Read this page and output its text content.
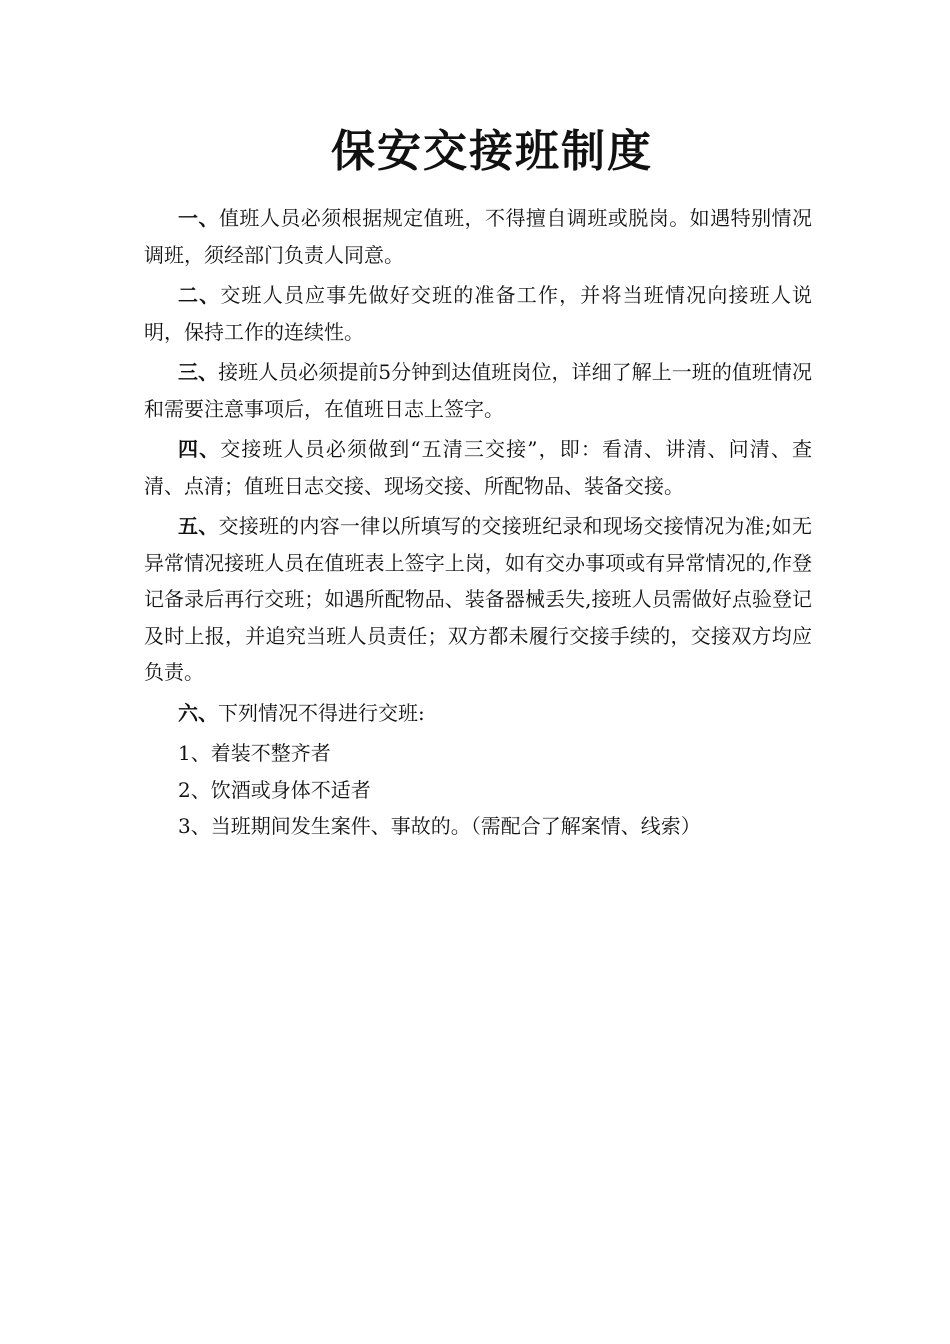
保安交接班制度

一、值班人员必须根据规定值班，不得擅自调班或脱岗。如遇特别情况调班，须经部门负责人同意。

二、交班人员应事先做好交班的准备工作，并将当班情况向接班人说明，保持工作的连续性。

三、接班人员必须提前5分钟到达值班岗位，详细了解上一班的值班情况和需要注意事项后，在值班日志上签字。

四、交接班人员必须做到“五清三交接”，即：看清、讲清、问清、查清、点清；值班日志交接、现场交接、所配物品、装备交接。

五、交接班的内容一律以所填写的交接班纪录和现场交接情况为准;如无异常情况接班人员在值班表上签字上岗，如有交办事项或有异常情况的,作登记备录后再行交班；如遇所配物品、装备器械丢失,接班人员需做好点验登记及时上报，并追究当班人员责任；双方都未履行交接手续的，交接双方均应负责。

六、下列情况不得进行交班:

1、着装不整齐者

2、饮酒或身体不适者

3、当班期间发生案件、事故的。（需配合了解案情、线索）
